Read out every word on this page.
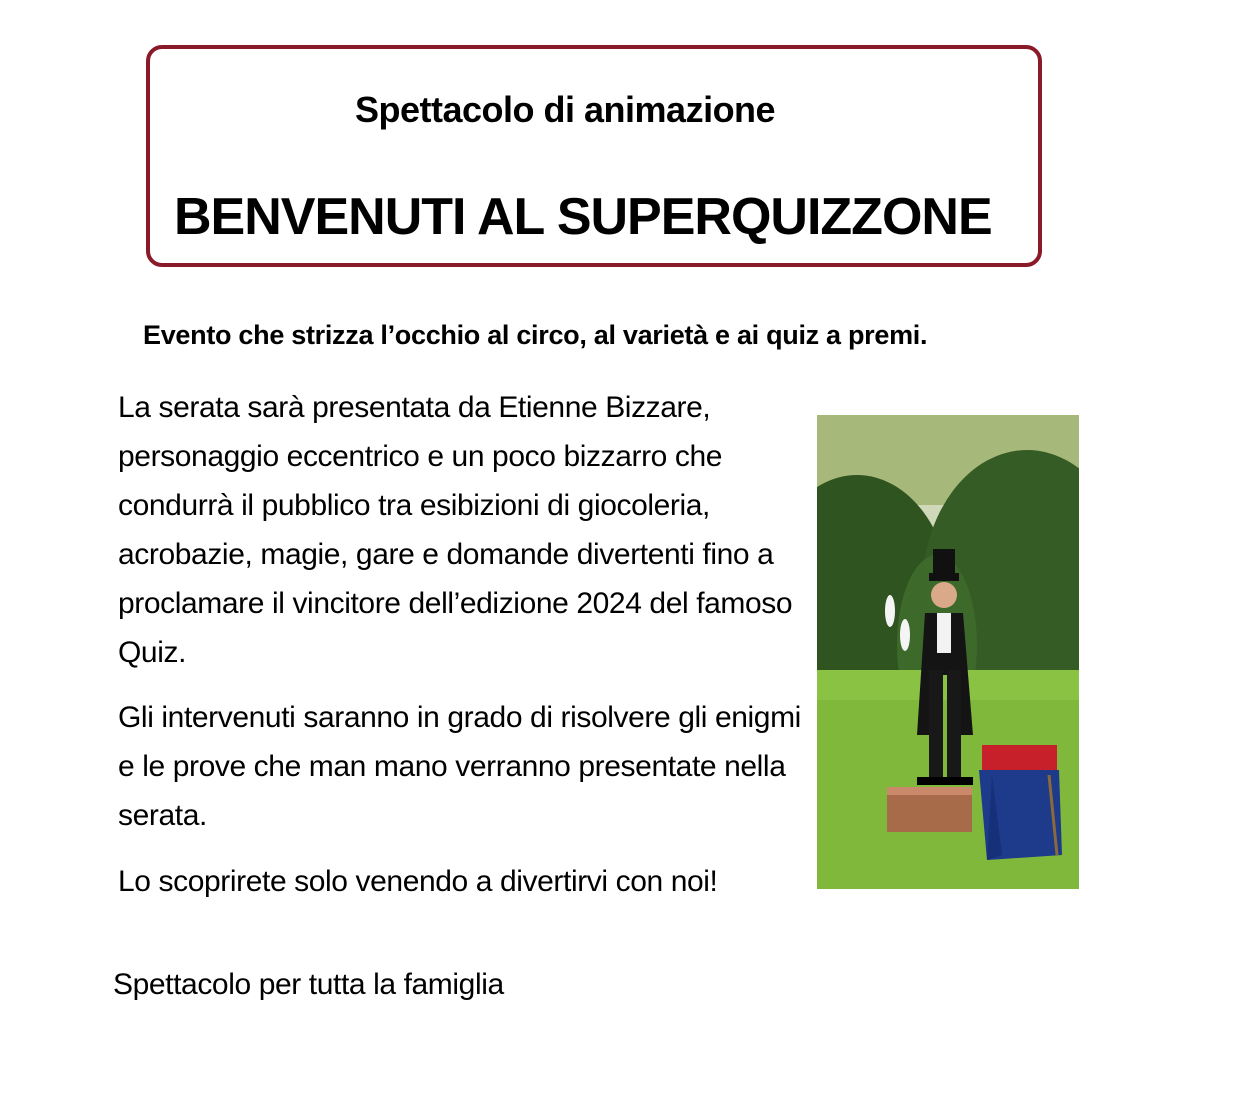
Spettacolo di animazione
BENVENUTI AL SUPERQUIZZONE
Evento che strizza l’occhio al circo, al varietà e ai quiz a premi.
La serata sarà presentata da Etienne Bizzare, personaggio eccentrico e un poco bizzarro che condurrà il pubblico tra esibizioni di giocoleria, acrobazie, magie, gare e domande divertenti fino a proclamare il vincitore dell’edizione 2024 del famoso Quiz.
Gli intervenuti saranno in grado di risolvere gli enigmi e le prove che man mano verranno presentate nella serata.
Lo scoprirete solo venendo a divertirvi con noi!
Spettacolo per tutta la famiglia
